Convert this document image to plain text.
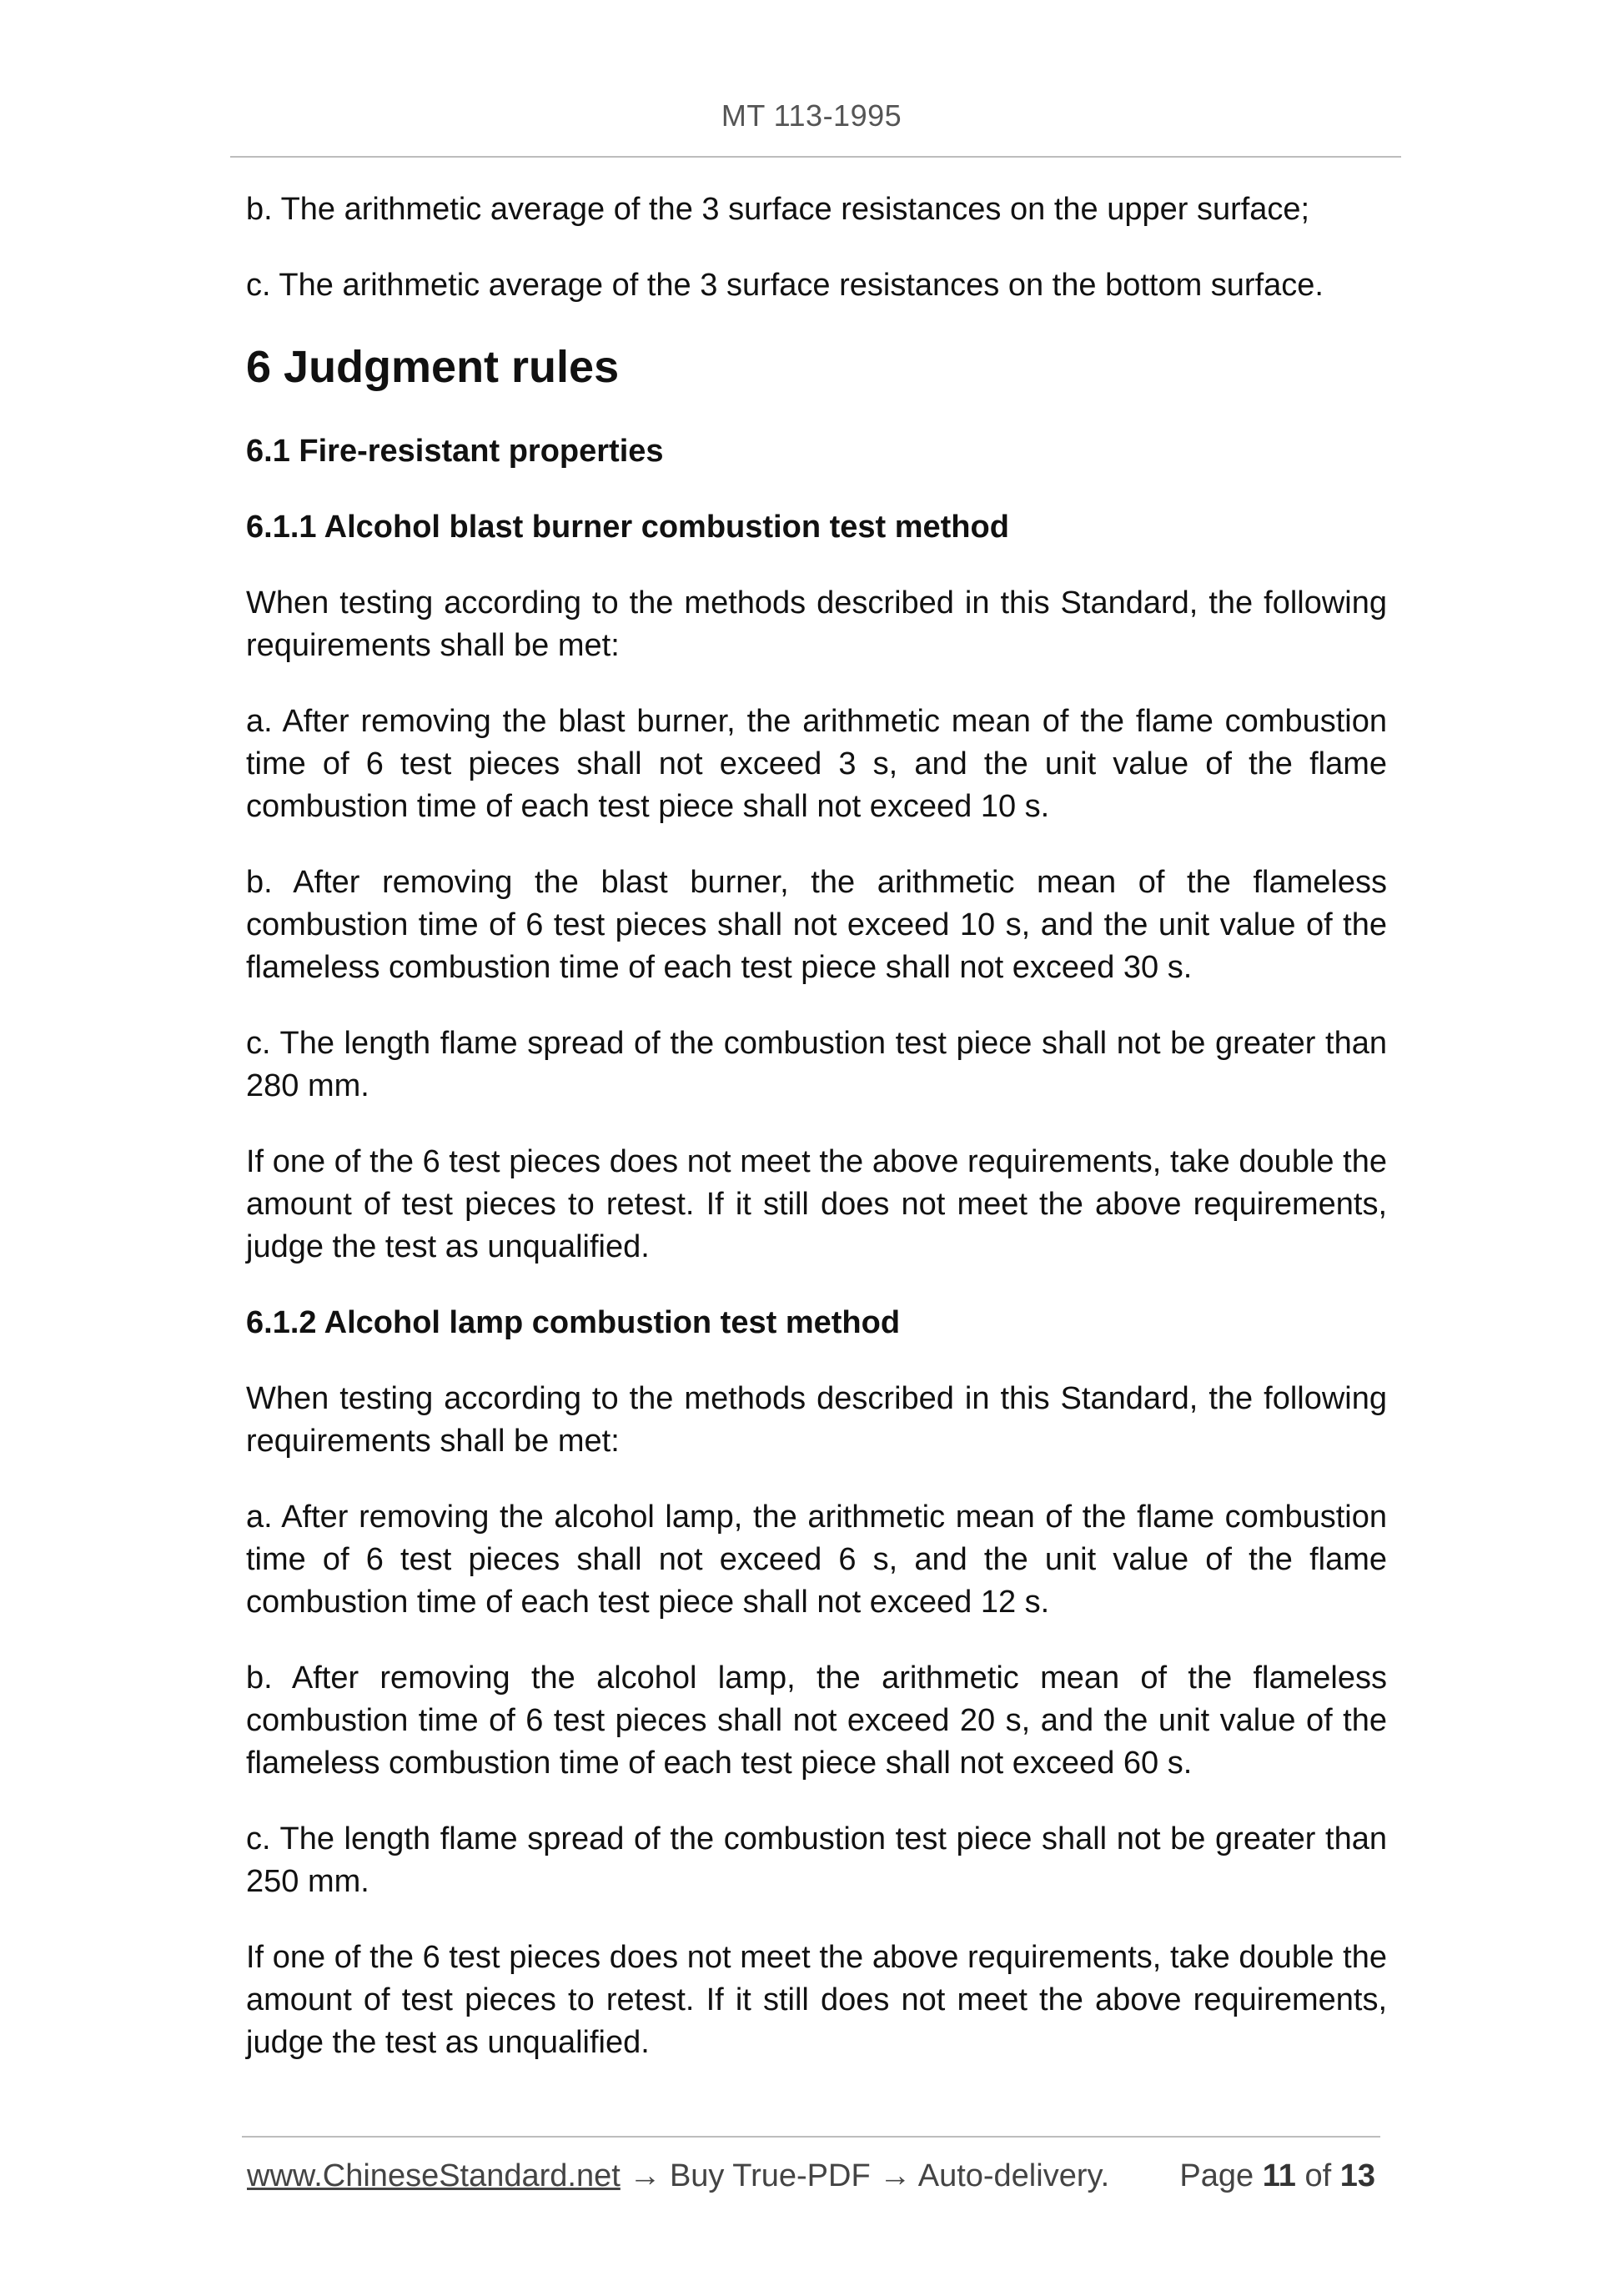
MT 113-1995

b. The arithmetic average of the 3 surface resistances on the upper surface;

c. The arithmetic average of the 3 surface resistances on the bottom surface.

6 Judgment rules
6.1 Fire-resistant properties
6.1.1 Alcohol blast burner combustion test method

When testing according to the methods described in this Standard, the following requirements shall be met:

a. After removing the blast burner, the arithmetic mean of the flame combustion time of 6 test pieces shall not exceed 3 s, and the unit value of the flame combustion time of each test piece shall not exceed 10 s.

b. After removing the blast burner, the arithmetic mean of the flameless combustion time of 6 test pieces shall not exceed 10 s, and the unit value of the flameless combustion time of each test piece shall not exceed 30 s.

c. The length flame spread of the combustion test piece shall not be greater than 280 mm.

If one of the 6 test pieces does not meet the above requirements, take double the amount of test pieces to retest. If it still does not meet the above requirements, judge the test as unqualified.

6.1.2 Alcohol lamp combustion test method

When testing according to the methods described in this Standard, the following requirements shall be met:

a. After removing the alcohol lamp, the arithmetic mean of the flame combustion time of 6 test pieces shall not exceed 6 s, and the unit value of the flame combustion time of each test piece shall not exceed 12 s.

b. After removing the alcohol lamp, the arithmetic mean of the flameless combustion time of 6 test pieces shall not exceed 20 s, and the unit value of the flameless combustion time of each test piece shall not exceed 60 s.

c. The length flame spread of the combustion test piece shall not be greater than 250 mm.

If one of the 6 test pieces does not meet the above requirements, take double the amount of test pieces to retest. If it still does not meet the above requirements, judge the test as unqualified.

www.ChineseStandard.net → Buy True-PDF → Auto-delivery. Page 11 of 13
